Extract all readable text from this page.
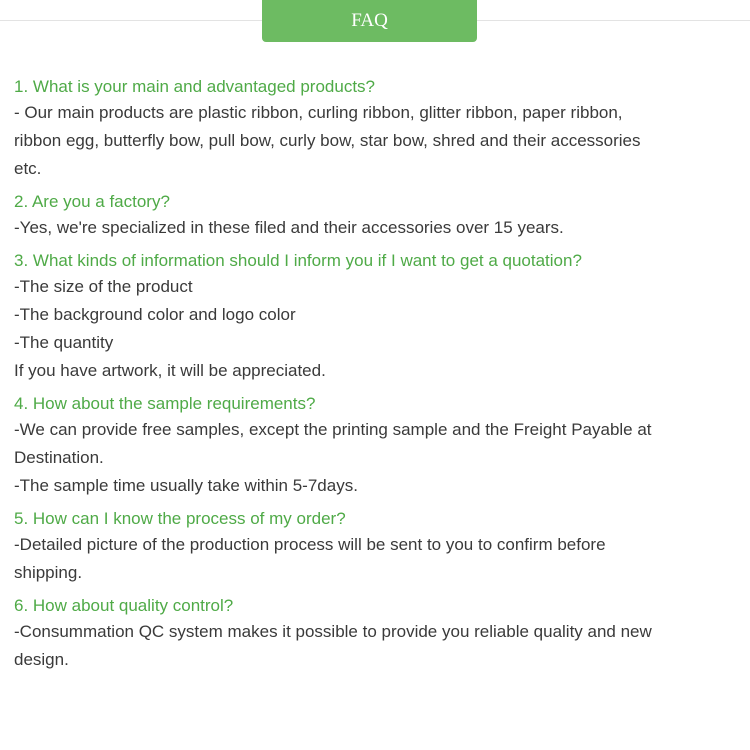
FAQ
1. What is your main and advantaged products?
- Our main products are plastic ribbon, curling ribbon, glitter ribbon, paper ribbon,
ribbon egg, butterfly bow, pull bow, curly bow, star bow, shred and their accessories
etc.
2. Are you a factory?
-Yes, we're specialized in these filed and their accessories over 15 years.
3. What kinds of information should I inform you if I want to get a quotation?
-The size of the product
-The background color and logo color
-The quantity
If you have artwork, it will be appreciated.
4. How about the sample requirements?
-We can provide free samples, except the printing sample and the Freight Payable at
Destination.
-The sample time usually take within 5-7days.
5. How can I know the process of my order?
-Detailed picture of the production process will be sent to you to confirm before
shipping.
6. How about quality control?
-Consummation QC system makes it possible to provide you reliable quality and new
design.
